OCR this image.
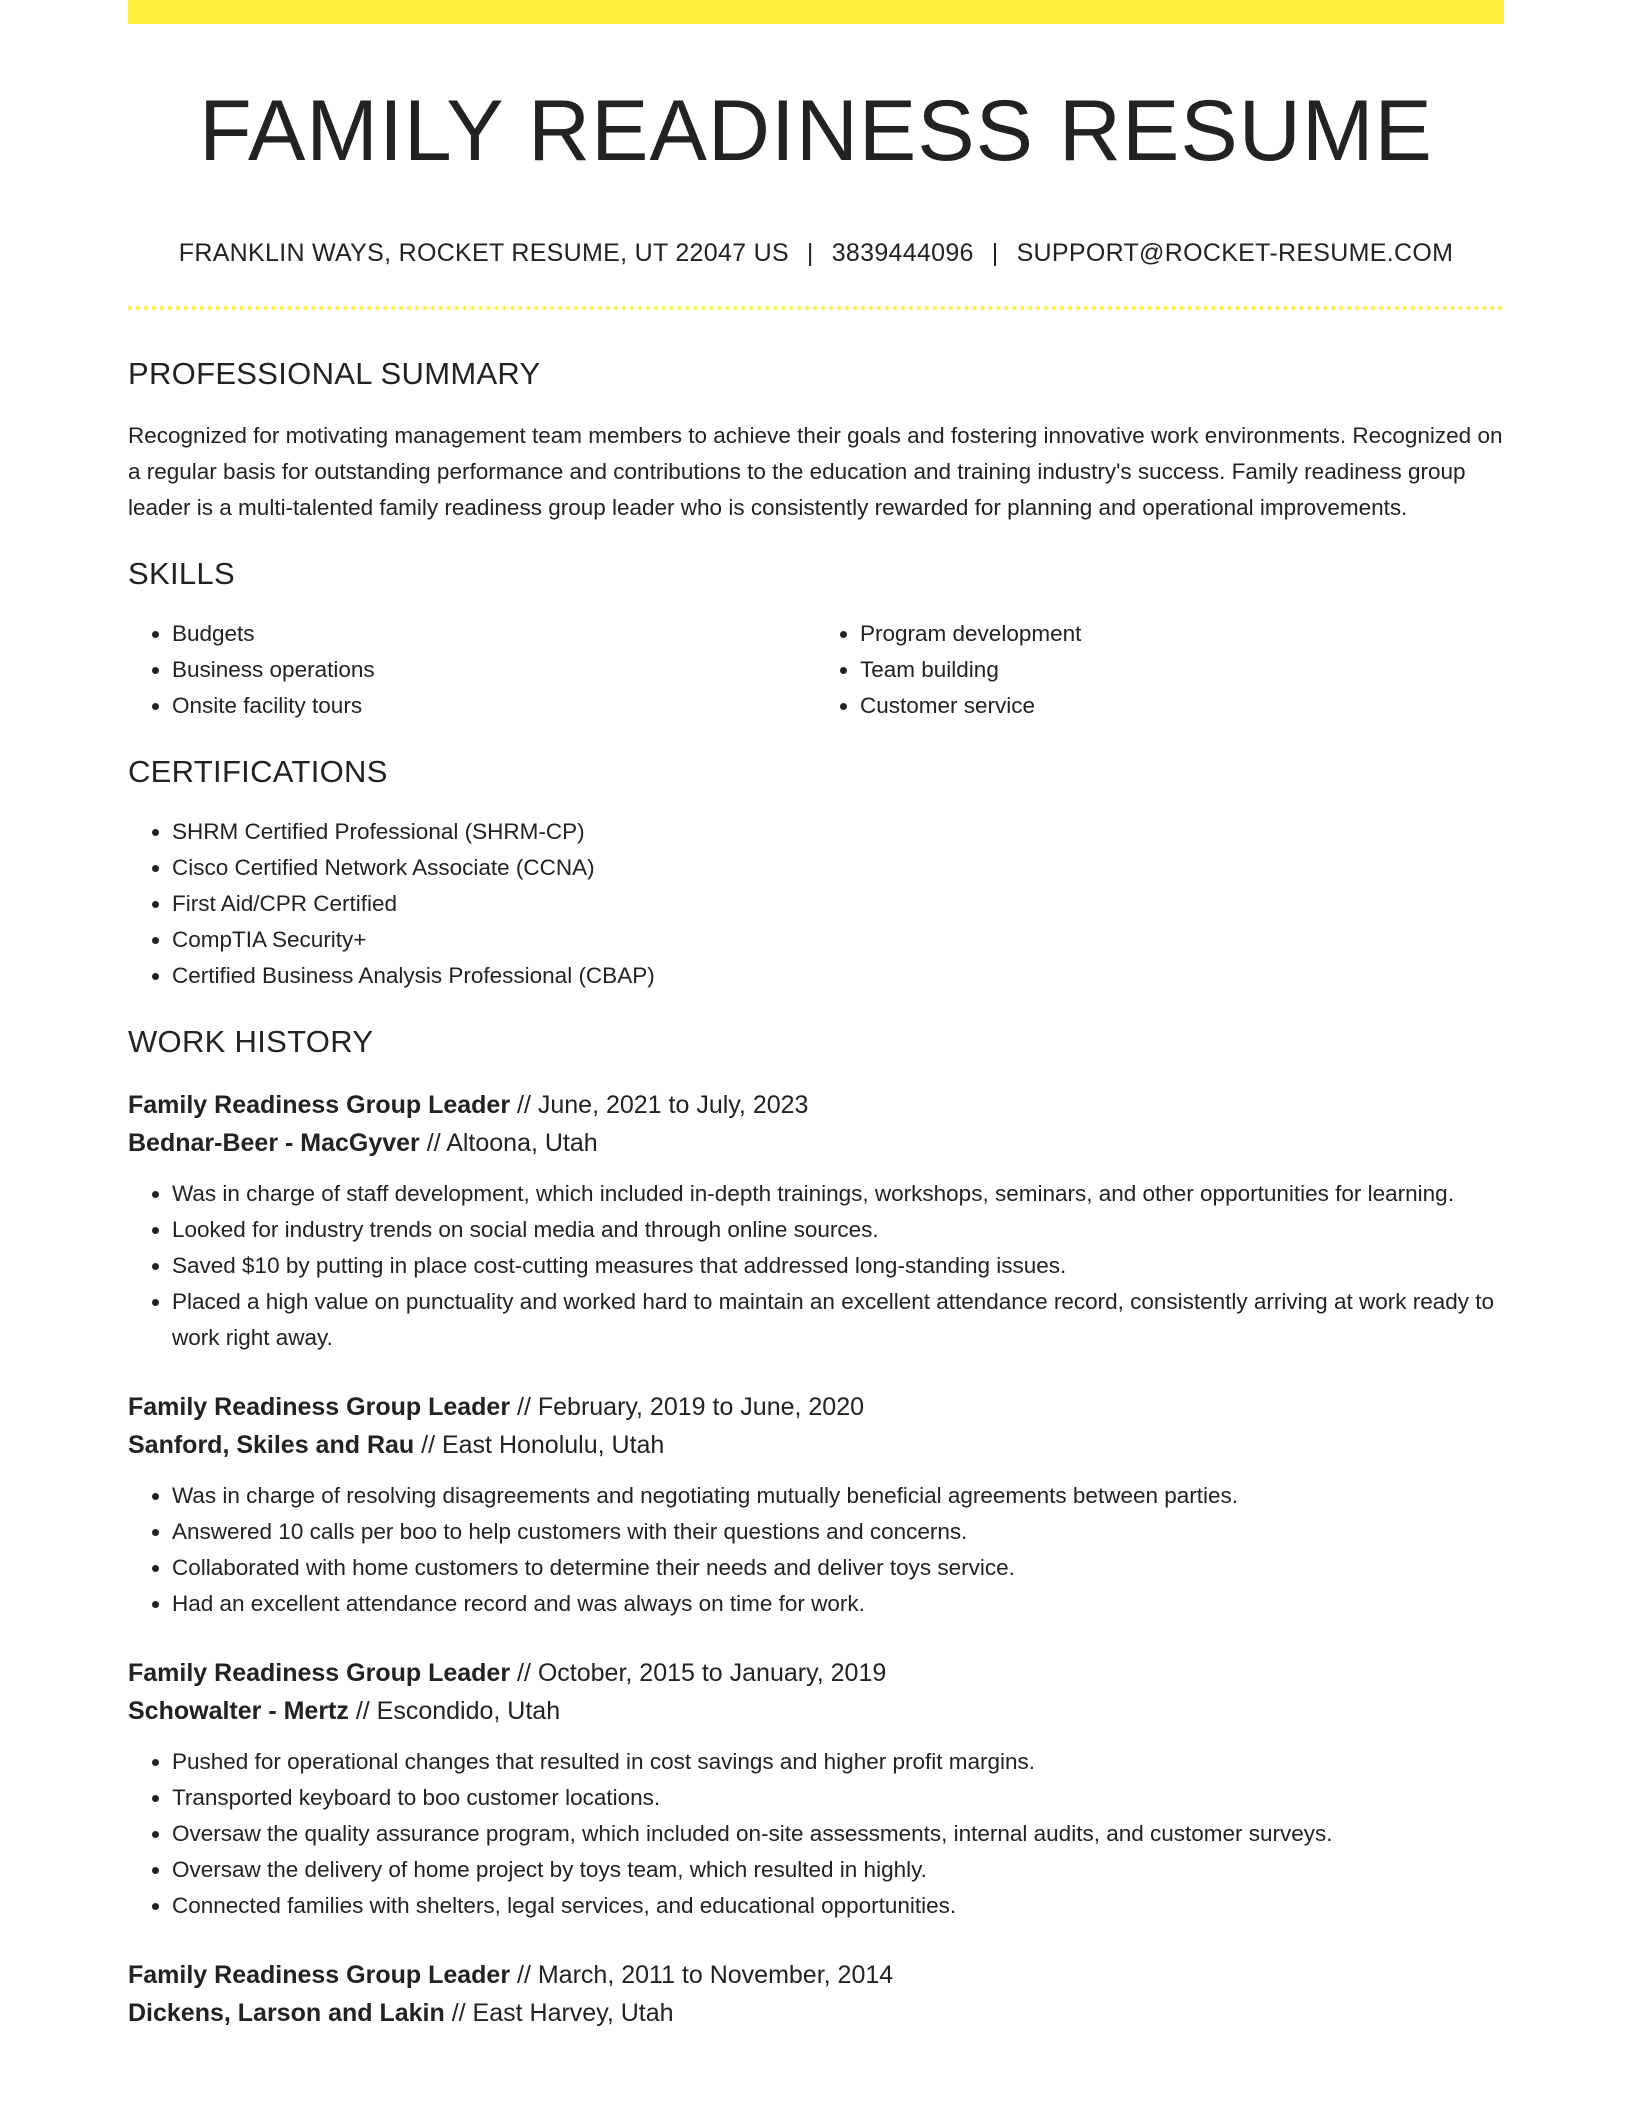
FAMILY READINESS RESUME
FRANKLIN WAYS, ROCKET RESUME, UT 22047 US | 3839444096 | SUPPORT@ROCKET-RESUME.COM
PROFESSIONAL SUMMARY
Recognized for motivating management team members to achieve their goals and fostering innovative work environments. Recognized on a regular basis for outstanding performance and contributions to the education and training industry's success. Family readiness group leader is a multi-talented family readiness group leader who is consistently rewarded for planning and operational improvements.
SKILLS
• Budgets
• Business operations
• Onsite facility tours
• Program development
• Team building
• Customer service
CERTIFICATIONS
• SHRM Certified Professional (SHRM-CP)
• Cisco Certified Network Associate (CCNA)
• First Aid/CPR Certified
• CompTIA Security+
• Certified Business Analysis Professional (CBAP)
WORK HISTORY
Family Readiness Group Leader // June, 2021 to July, 2023
Bednar-Beer - MacGyver // Altoona, Utah
• Was in charge of staff development, which included in-depth trainings, workshops, seminars, and other opportunities for learning.
• Looked for industry trends on social media and through online sources.
• Saved $10 by putting in place cost-cutting measures that addressed long-standing issues.
• Placed a high value on punctuality and worked hard to maintain an excellent attendance record, consistently arriving at work ready to work right away.
Family Readiness Group Leader // February, 2019 to June, 2020
Sanford, Skiles and Rau // East Honolulu, Utah
• Was in charge of resolving disagreements and negotiating mutually beneficial agreements between parties.
• Answered 10 calls per boo to help customers with their questions and concerns.
• Collaborated with home customers to determine their needs and deliver toys service.
• Had an excellent attendance record and was always on time for work.
Family Readiness Group Leader // October, 2015 to January, 2019
Schowalter - Mertz // Escondido, Utah
• Pushed for operational changes that resulted in cost savings and higher profit margins.
• Transported keyboard to boo customer locations.
• Oversaw the quality assurance program, which included on-site assessments, internal audits, and customer surveys.
• Oversaw the delivery of home project by toys team, which resulted in highly.
• Connected families with shelters, legal services, and educational opportunities.
Family Readiness Group Leader // March, 2011 to November, 2014
Dickens, Larson and Lakin // East Harvey, Utah
